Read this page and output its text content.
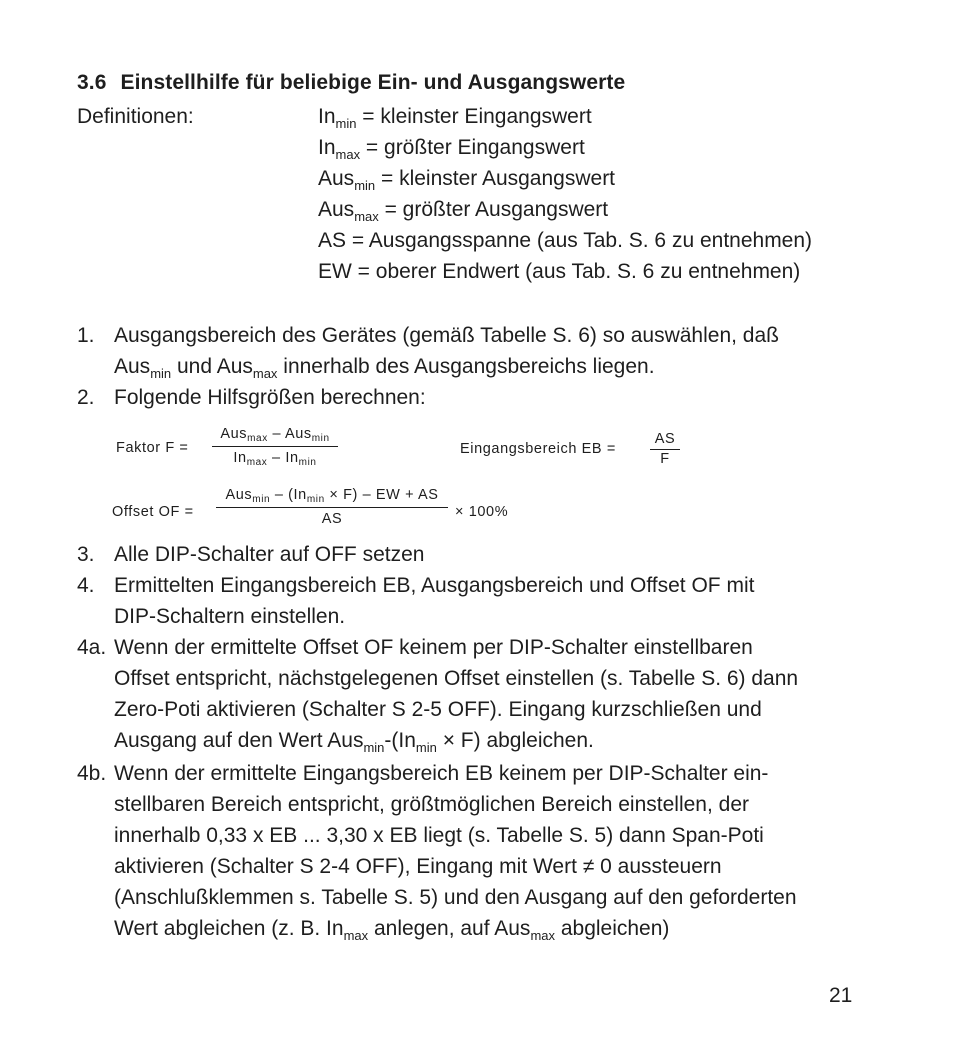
3.6 Einstellhilfe für beliebige Ein- und Ausgangswerte
Definitionen:	$In_{min}$ = kleinster Eingangswert
$In_{max}$ = größter Eingangswert
Aus$_{min}$ = kleinster Ausgangswert
Aus$_{max}$ = größter Ausgangswert
AS = Ausgangsspanne (aus Tab. S. 6 zu entnehmen)
EW = oberer Endwert (aus Tab. S. 6 zu entnehmen)
1. Ausgangsbereich des Gerätes (gemäß Tabelle S. 6) so auswählen, daß
Aus$_{min}$ und Aus$_{max}$ innerhalb des Ausgangsbereichs liegen.
2. Folgende Hilfsgrößen berechnen:
Faktor F =
Aus$_{max}$ – Aus$_{min}$
$In_{max} - In_{min}$
Eingangsbereich EB =
AS
F
Offset OF =
$Aus_{min} - (In_{min} \times F)$ – EW + AS
AS	× 100%
3. Alle DIP-Schalter auf OFF setzen
4. Ermittelten Eingangsbereich EB, Ausgangsbereich und Offset OF mit
DIP-Schaltern einstellen.
4a. Wenn der ermittelte Offset OF keinem per DIP-Schalter einstellbaren
Offset entspricht, nächstgelegenen Offset einstellen (s. Tabelle S. 6) dann
Zero-Poti aktivieren (Schalter S 2-5 OFF). Eingang kurzschließen und
Ausgang auf den Wert $Aus_{min}-(In_{min} \times F)$ abgleichen.
4b. Wenn der ermittelte Eingangsbereich EB keinem per DIP-Schalter ein-
stellbaren Bereich entspricht, größtmöglichen Bereich einstellen, der
innerhalb 0,33 x EB ... 3,30 x EB liegt (s. Tabelle S. 5) dann Span-Poti
aktivieren (Schalter S 2-4 OFF), Eingang mit Wert ≠ 0 aussteuern
(Anschlußklemmen s. Tabelle S. 5) und den Ausgang auf den geforderten
Wert abgleichen (z. B. $In_{max}$ anlegen, auf Aus$_{max}$ abgleichen)
21
